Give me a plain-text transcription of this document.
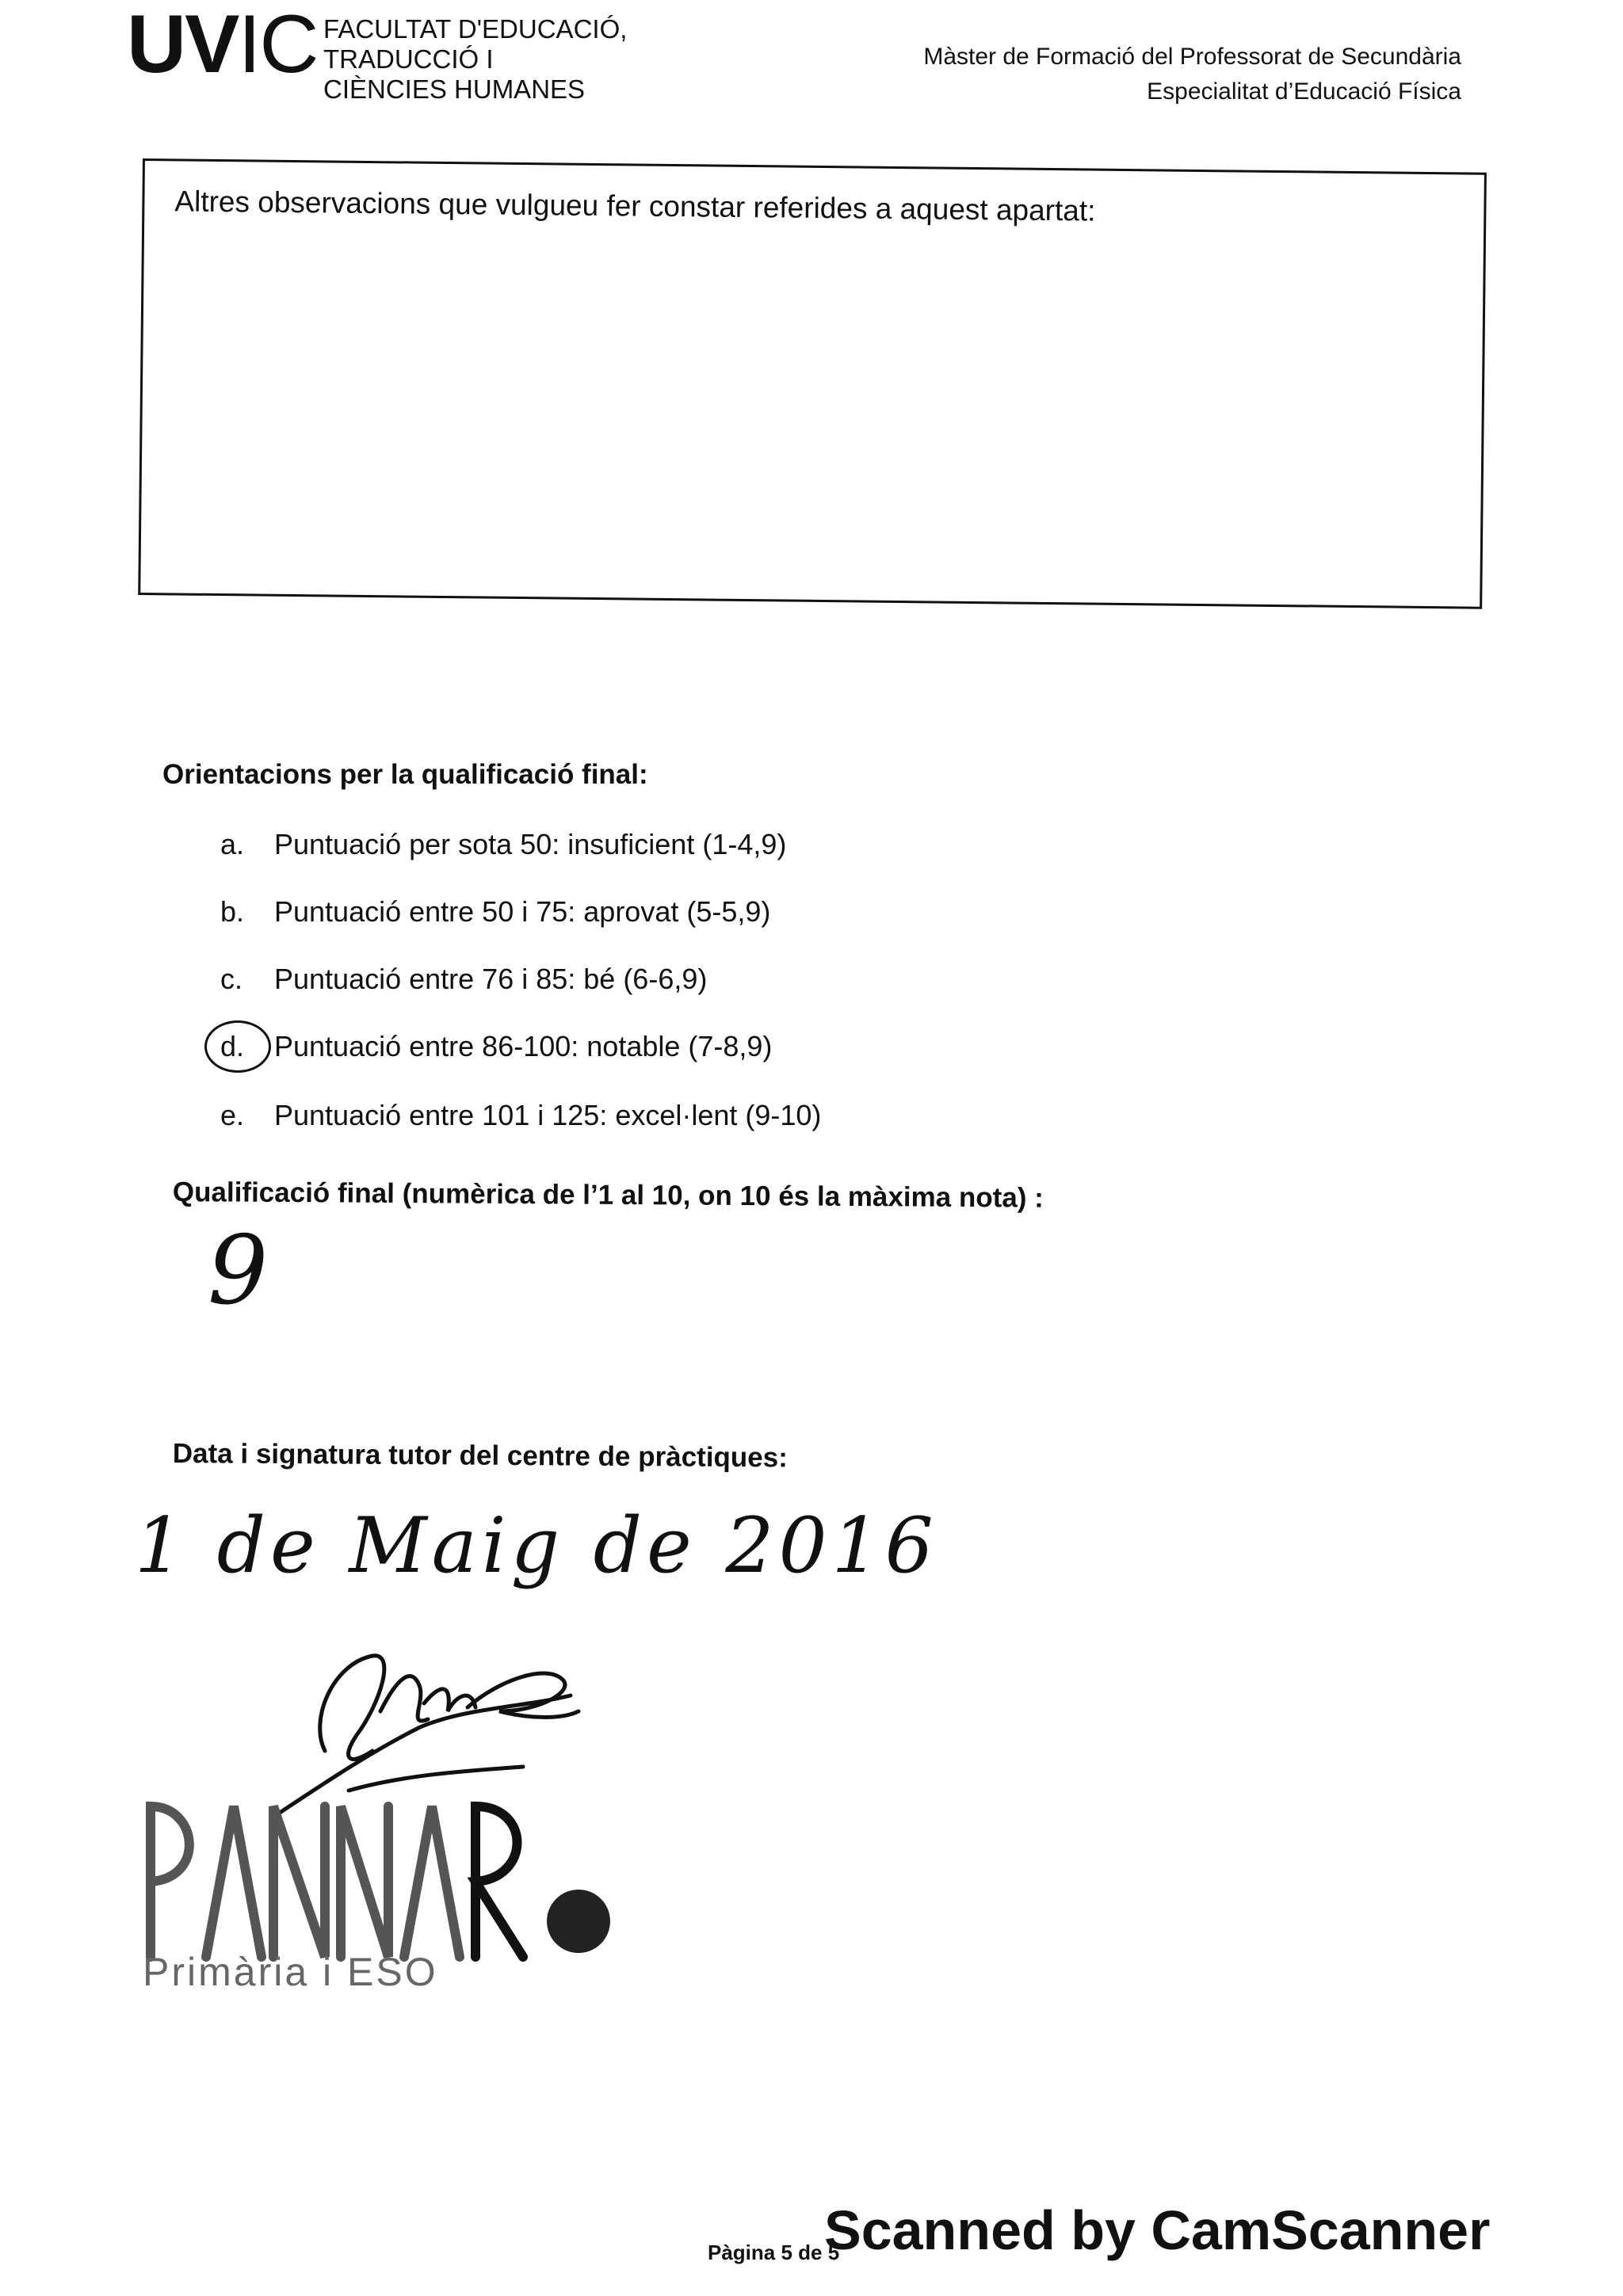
UVIC FACULTAT D'EDUCACIÓ,
TRADUCCIÓ I
CIÈNCIES HUMANES
Màster de Formació del Professorat de Secundària
Especialitat d’Educació Física
Altres observacions que vulgueu fer constar referides a aquest apartat:
Orientacions per la qualificació final:
a. Puntuació per sota 50: insuficient (1-4,9)
b. Puntuació entre 50 i 75: aprovat (5-5,9)
c. Puntuació entre 76 i 85: bé (6-6,9)
d. Puntuació entre 86-100: notable (7-8,9)
e. Puntuació entre 101 i 125: excel·lent (9-10)
Qualificació final (numèrica de l’1 al 10, on 10 és la màxima nota) :
9
Data i signatura tutor del centre de pràctiques:
1 de Maig de 2016
PANNARO
Primària i ESO
Pàgina 5 de 5
Scanned by CamScanner
